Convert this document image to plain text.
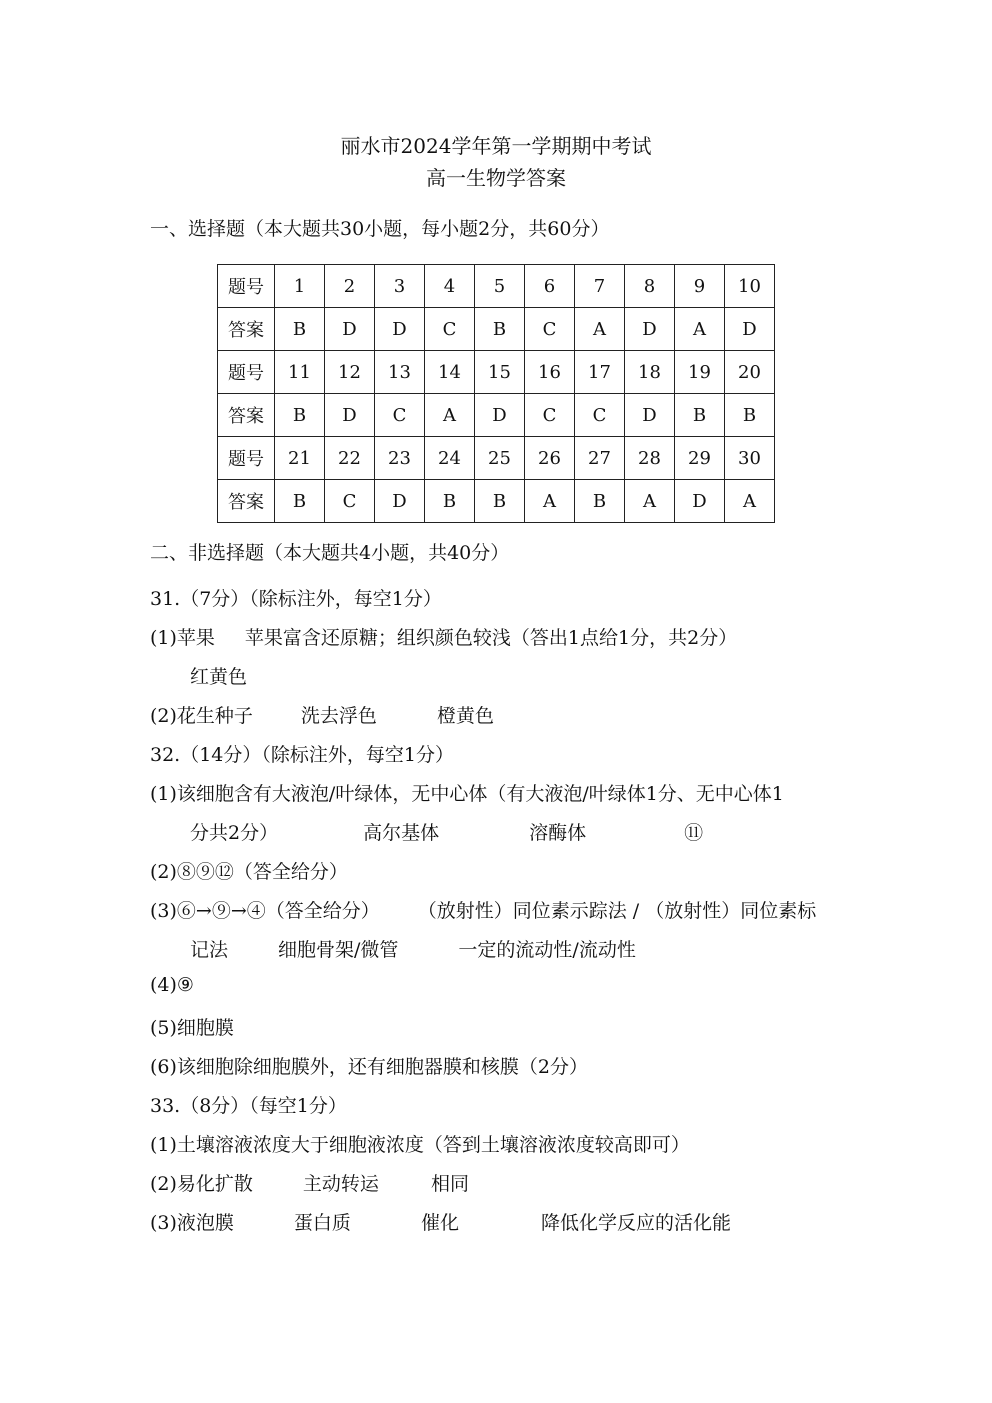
丽水市2024学年第一学期期中考试
高一生物学答案
一、选择题（本大题共30小题，每小题2分，共60分）
题号	1	2	3	4	5	6	7	8	9	10
答案	B	D	D	C	B	C	A	D	A	D
题号	11	12	13	14	15	16	17	18	19	20
答案	B	D	C	A	D	C	C	D	B	B
题号	21	22	23	24	25	26	27	28	29	30
答案	B	C	D	B	B	A	B	A	D	A
二、非选择题（本大题共4小题，共40分）
31.（7分）（除标注外，每空1分）
(1)苹果 苹果富含还原糖；组织颜色较浅（答出1点给1分，共2分）
红黄色
(2)花生种子	洗去浮色	橙黄色
32.（14分）（除标注外，每空1分）
(1)该细胞含有大液泡/叶绿体，无中心体（有大液泡/叶绿体1分、无中心体1
分共2分）	高尔基体	溶酶体	⑪
(2)⑧⑨⑫（答全给分）
(3)⑥→⑨→④（答全给分） （放射性）同位素示踪法 / （放射性）同位素标
记法	细胞骨架/微管	一定的流动性/流动性
(4)⑨
(5)细胞膜
(6)该细胞除细胞膜外，还有细胞器膜和核膜（2分）
33.（8分）（每空1分）
(1)土壤溶液浓度大于细胞液浓度（答到土壤溶液浓度较高即可）
(2)易化扩散	主动转运	相同
(3)液泡膜	蛋白质	催化	降低化学反应的活化能
